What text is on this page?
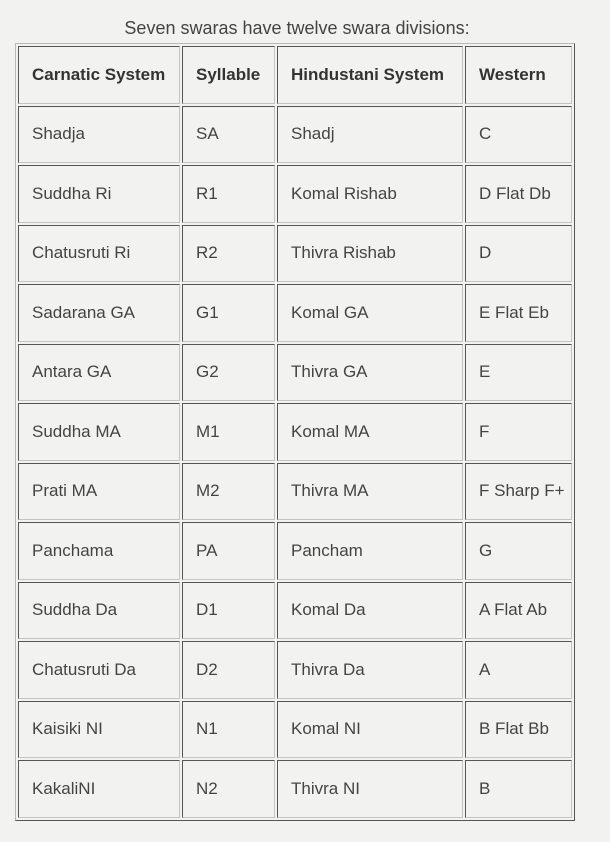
Seven swaras have twelve swara divisions:
Carnatic System	Syllable	Hindustani System	Western
Shadja	SA	Shadj	C
Suddha Ri	R1	Komal Rishab	D Flat Db
Chatusruti Ri	R2	Thivra Rishab	D
Sadarana GA	G1	Komal GA	E Flat Eb
Antara GA	G2	Thivra GA	E
Suddha MA	M1	Komal MA	F
Prati MA	M2	Thivra MA	F Sharp F+
Panchama	PA	Pancham	G
Suddha Da	D1	Komal Da	A Flat Ab
Chatusruti Da	D2	Thivra Da	A
Kaisiki NI	N1	Komal NI	B Flat Bb
KakaliNI	N2	Thivra NI	B
